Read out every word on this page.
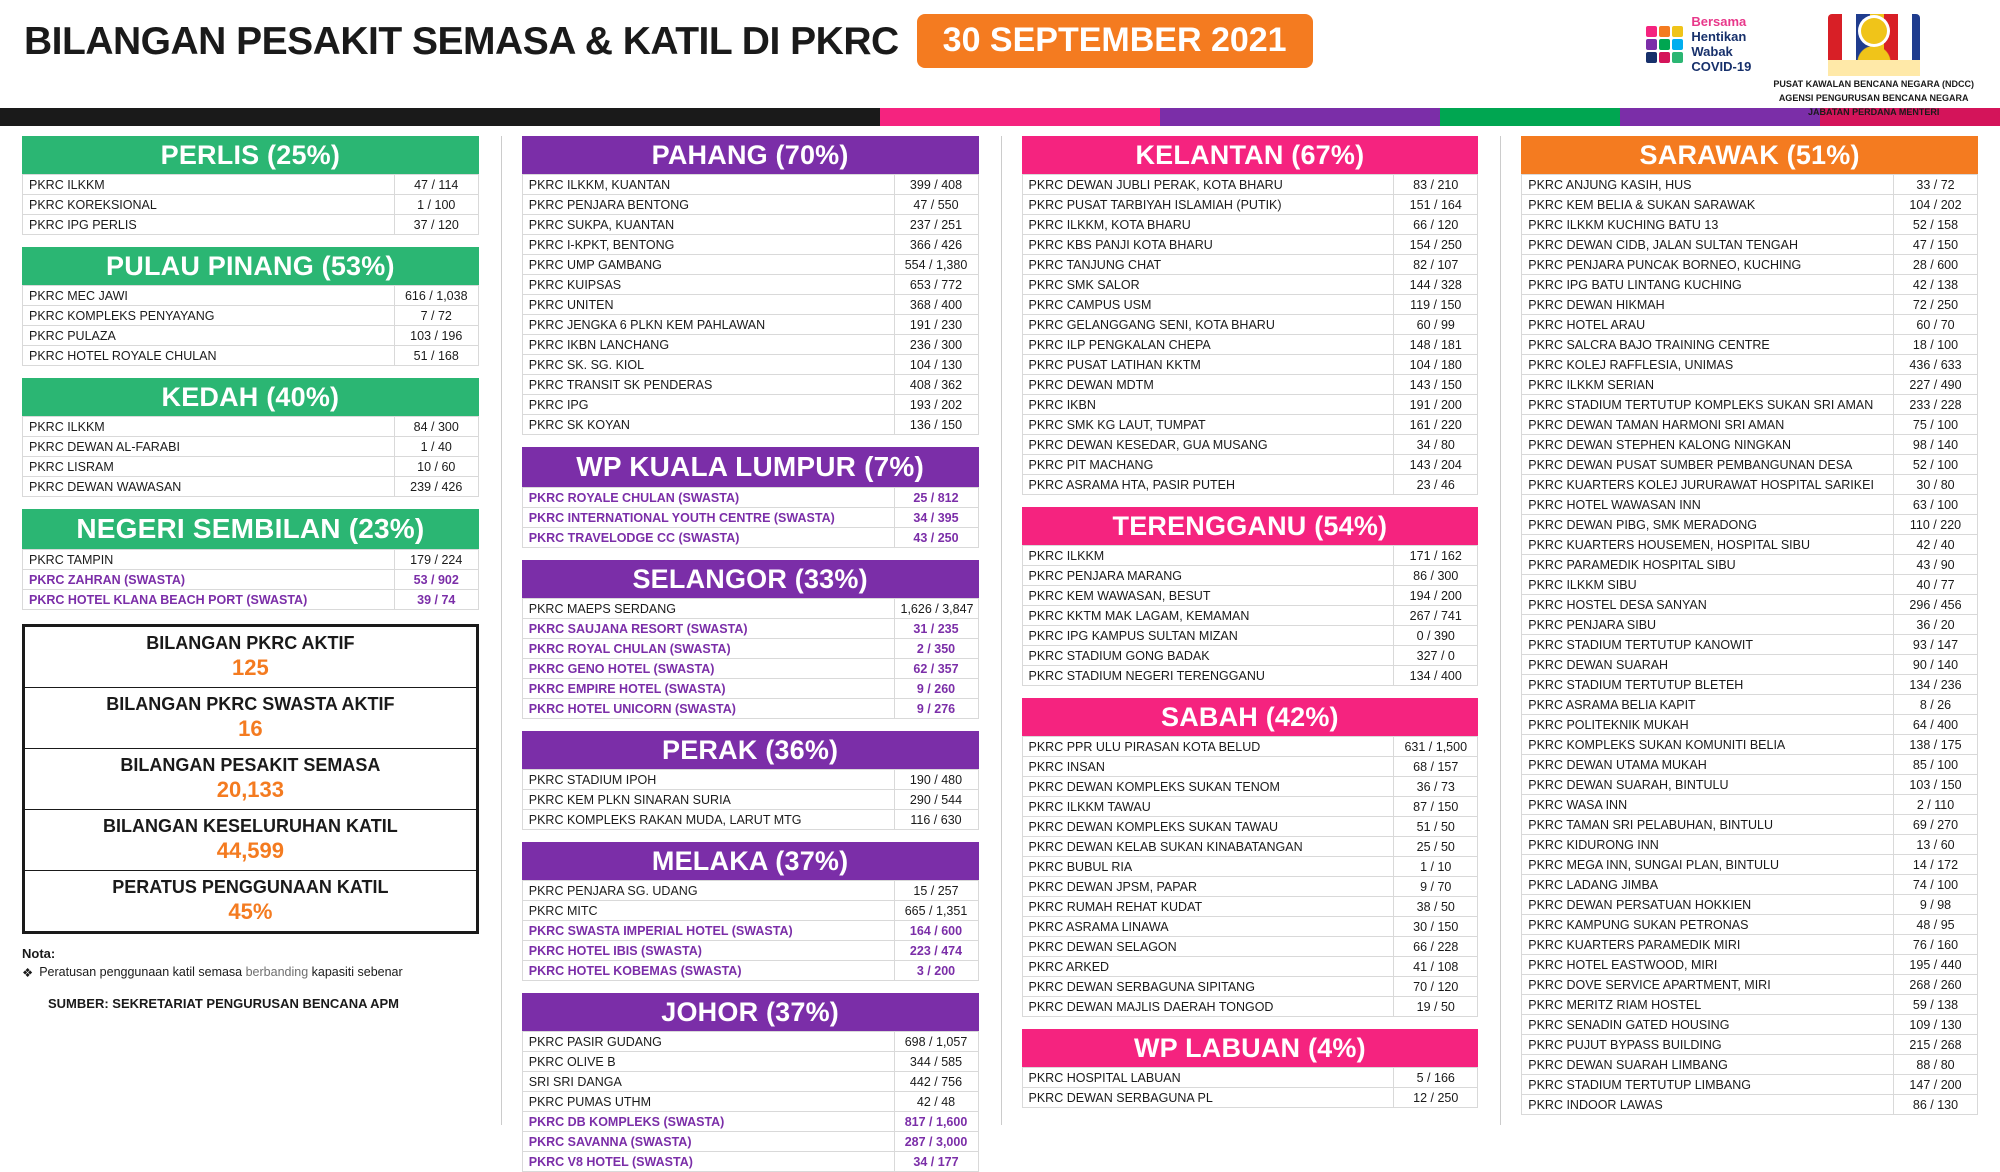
BILANGAN PESAKIT SEMASA & KATIL DI PKRC	30 SEPTEMBER 2021	Bersama
Hentikan
Wabak
COVID-19
PUSAT KAWALAN BENCANA NEGARA (NDCC)
AGENSI PENGURUSAN BENCANA NEGARA
JABATAN PERDANA MENTERI
PERLIS (25%)
PKRC ILKKM	47 / 114
PKRC KOREKSIONAL	1 / 100
PKRC IPG PERLIS	37 / 120
PULAU PINANG (53%)
PKRC MEC JAWI	616 / 1,038
PKRC KOMPLEKS PENYAYANG	7 / 72
PKRC PULAZA	103 / 196
PKRC HOTEL ROYALE CHULAN	51 / 168
KEDAH (40%)
PKRC ILKKM	84 / 300
PKRC DEWAN AL-FARABI	1 / 40
PKRC LISRAM	10 / 60
PKRC DEWAN WAWASAN	239 / 426
NEGERI SEMBILAN (23%)
PKRC TAMPIN	179 / 224
PKRC ZAHRAN (SWASTA)	53 / 902
PKRC HOTEL KLANA BEACH PORT (SWASTA)	39 / 74
BILANGAN PKRC AKTIF
125
BILANGAN PKRC SWASTA AKTIF
16
BILANGAN PESAKIT SEMASA
20,133
BILANGAN KESELURUHAN KATIL
44,599
PERATUS PENGGUNAAN KATIL
45%
Nota:
❖ Peratusan penggunaan katil semasa berbanding kapasiti sebenar
SUMBER: SEKRETARIAT PENGURUSAN BENCANA APM
PAHANG (70%)
PKRC ILKKM, KUANTAN	399 / 408
PKRC PENJARA BENTONG	47 / 550
PKRC SUKPA, KUANTAN	237 / 251
PKRC I-KPKT, BENTONG	366 / 426
PKRC UMP GAMBANG	554 / 1,380
PKRC KUIPSAS	653 / 772
PKRC UNITEN	368 / 400
PKRC JENGKA 6 PLKN KEM PAHLAWAN	191 / 230
PKRC IKBN LANCHANG	236 / 300
PKRC SK. SG. KIOL	104 / 130
PKRC TRANSIT SK PENDERAS	408 / 362
PKRC IPG	193 / 202
PKRC SK KOYAN	136 / 150
WP KUALA LUMPUR (7%)
PKRC ROYALE CHULAN (SWASTA)	25 / 812
PKRC INTERNATIONAL YOUTH CENTRE (SWASTA)	34 / 395
PKRC TRAVELODGE CC (SWASTA)	43 / 250
SELANGOR (33%)
PKRC MAEPS SERDANG	1,626 / 3,847
PKRC SAUJANA RESORT (SWASTA)	31 / 235
PKRC ROYAL CHULAN (SWASTA)	2 / 350
PKRC GENO HOTEL (SWASTA)	62 / 357
PKRC EMPIRE HOTEL (SWASTA)	9 / 260
PKRC HOTEL UNICORN (SWASTA)	9 / 276
PERAK (36%)
PKRC STADIUM IPOH	190 / 480
PKRC KEM PLKN SINARAN SURIA	290 / 544
PKRC KOMPLEKS RAKAN MUDA, LARUT MTG	116 / 630
MELAKA (37%)
PKRC PENJARA SG. UDANG	15 / 257
PKRC MITC	665 / 1,351
PKRC SWASTA IMPERIAL HOTEL (SWASTA)	164 / 600
PKRC HOTEL IBIS (SWASTA)	223 / 474
PKRC HOTEL KOBEMAS (SWASTA)	3 / 200
JOHOR (37%)
PKRC PASIR GUDANG	698 / 1,057
PKRC OLIVE B	344 / 585
SRI SRI DANGA	442 / 756
PKRC PUMAS UTHM	42 / 48
PKRC DB KOMPLEKS (SWASTA)	817 / 1,600
PKRC SAVANNA (SWASTA)	287 / 3,000
PKRC V8 HOTEL (SWASTA)	34 / 177
KELANTAN (67%)
PKRC DEWAN JUBLI PERAK, KOTA BHARU	83 / 210
PKRC PUSAT TARBIYAH ISLAMIAH (PUTIK)	151 / 164
PKRC ILKKM, KOTA BHARU	66 / 120
PKRC KBS PANJI KOTA BHARU	154 / 250
PKRC TANJUNG CHAT	82 / 107
PKRC SMK SALOR	144 / 328
PKRC CAMPUS USM	119 / 150
PKRC GELANGGANG SENI, KOTA BHARU	60 / 99
PKRC ILP PENGKALAN CHEPA	148 / 181
PKRC PUSAT LATIHAN KKTM	104 / 180
PKRC DEWAN MDTM	143 / 150
PKRC IKBN	191 / 200
PKRC SMK KG LAUT, TUMPAT	161 / 220
PKRC DEWAN KESEDAR, GUA MUSANG	34 / 80
PKRC PIT MACHANG	143 / 204
PKRC ASRAMA HTA, PASIR PUTEH	23 / 46
TERENGGANU (54%)
PKRC ILKKM	171 / 162
PKRC PENJARA MARANG	86 / 300
PKRC KEM WAWASAN, BESUT	194 / 200
PKRC KKTM MAK LAGAM, KEMAMAN	267 / 741
PKRC IPG KAMPUS SULTAN MIZAN	0 / 390
PKRC STADIUM GONG BADAK	327 / 0
PKRC STADIUM NEGERI TERENGGANU	134 / 400
SABAH (42%)
PKRC PPR ULU PIRASAN KOTA BELUD	631 / 1,500
PKRC INSAN	68 / 157
PKRC DEWAN KOMPLEKS SUKAN TENOM	36 / 73
PKRC ILKKM TAWAU	87 / 150
PKRC DEWAN KOMPLEKS SUKAN TAWAU	51 / 50
PKRC DEWAN KELAB SUKAN KINABATANGAN	25 / 50
PKRC BUBUL RIA	1 / 10
PKRC DEWAN JPSM, PAPAR	9 / 70
PKRC RUMAH REHAT KUDAT	38 / 50
PKRC ASRAMA LINAWA	30 / 150
PKRC DEWAN SELAGON	66 / 228
PKRC ARKED	41 / 108
PKRC DEWAN SERBAGUNA SIPITANG	70 / 120
PKRC DEWAN MAJLIS DAERAH TONGOD	19 / 50
WP LABUAN (4%)
PKRC HOSPITAL LABUAN	5 / 166
PKRC DEWAN SERBAGUNA PL	12 / 250
SARAWAK (51%)
PKRC ANJUNG KASIH, HUS	33 / 72
PKRC KEM BELIA & SUKAN SARAWAK	104 / 202
PKRC ILKKM KUCHING BATU 13	52 / 158
PKRC DEWAN CIDB, JALAN SULTAN TENGAH	47 / 150
PKRC PENJARA PUNCAK BORNEO, KUCHING	28 / 600
PKRC IPG BATU LINTANG KUCHING	42 / 138
PKRC DEWAN HIKMAH	72 / 250
PKRC HOTEL ARAU	60 / 70
PKRC SALCRA BAJO TRAINING CENTRE	18 / 100
PKRC KOLEJ RAFFLESIA, UNIMAS	436 / 633
PKRC ILKKM SERIAN	227 / 490
PKRC STADIUM TERTUTUP KOMPLEKS SUKAN SRI AMAN	233 / 228
PKRC DEWAN TAMAN HARMONI SRI AMAN	75 / 100
PKRC DEWAN STEPHEN KALONG NINGKAN	98 / 140
PKRC DEWAN PUSAT SUMBER PEMBANGUNAN DESA	52 / 100
PKRC KUARTERS KOLEJ JURURAWAT HOSPITAL SARIKEI	30 / 80
PKRC HOTEL WAWASAN INN	63 / 100
PKRC DEWAN PIBG, SMK MERADONG	110 / 220
PKRC KUARTERS HOUSEMEN, HOSPITAL SIBU	42 / 40
PKRC PARAMEDIK HOSPITAL SIBU	43 / 90
PKRC ILKKM SIBU	40 / 77
PKRC HOSTEL DESA SANYAN	296 / 456
PKRC PENJARA SIBU	36 / 20
PKRC STADIUM TERTUTUP KANOWIT	93 / 147
PKRC DEWAN SUARAH	90 / 140
PKRC STADIUM TERTUTUP BLETEH	134 / 236
PKRC ASRAMA BELIA KAPIT	8 / 26
PKRC POLITEKNIK MUKAH	64 / 400
PKRC KOMPLEKS SUKAN KOMUNITI BELIA	138 / 175
PKRC DEWAN UTAMA MUKAH	85 / 100
PKRC DEWAN SUARAH, BINTULU	103 / 150
PKRC WASA INN	2 / 110
PKRC TAMAN SRI PELABUHAN, BINTULU	69 / 270
PKRC KIDURONG INN	13 / 60
PKRC MEGA INN, SUNGAI PLAN, BINTULU	14 / 172
PKRC LADANG JIMBA	74 / 100
PKRC DEWAN PERSATUAN HOKKIEN	9 / 98
PKRC KAMPUNG SUKAN PETRONAS	48 / 95
PKRC KUARTERS PARAMEDIK MIRI	76 / 160
PKRC HOTEL EASTWOOD, MIRI	195 / 440
PKRC DOVE SERVICE APARTMENT, MIRI	268 / 260
PKRC MERITZ RIAM HOSTEL	59 / 138
PKRC SENADIN GATED HOUSING	109 / 130
PKRC PUJUT BYPASS BUILDING	215 / 268
PKRC DEWAN SUARAH LIMBANG	88 / 80
PKRC STADIUM TERTUTUP LIMBANG	147 / 200
PKRC INDOOR LAWAS	86 / 130
